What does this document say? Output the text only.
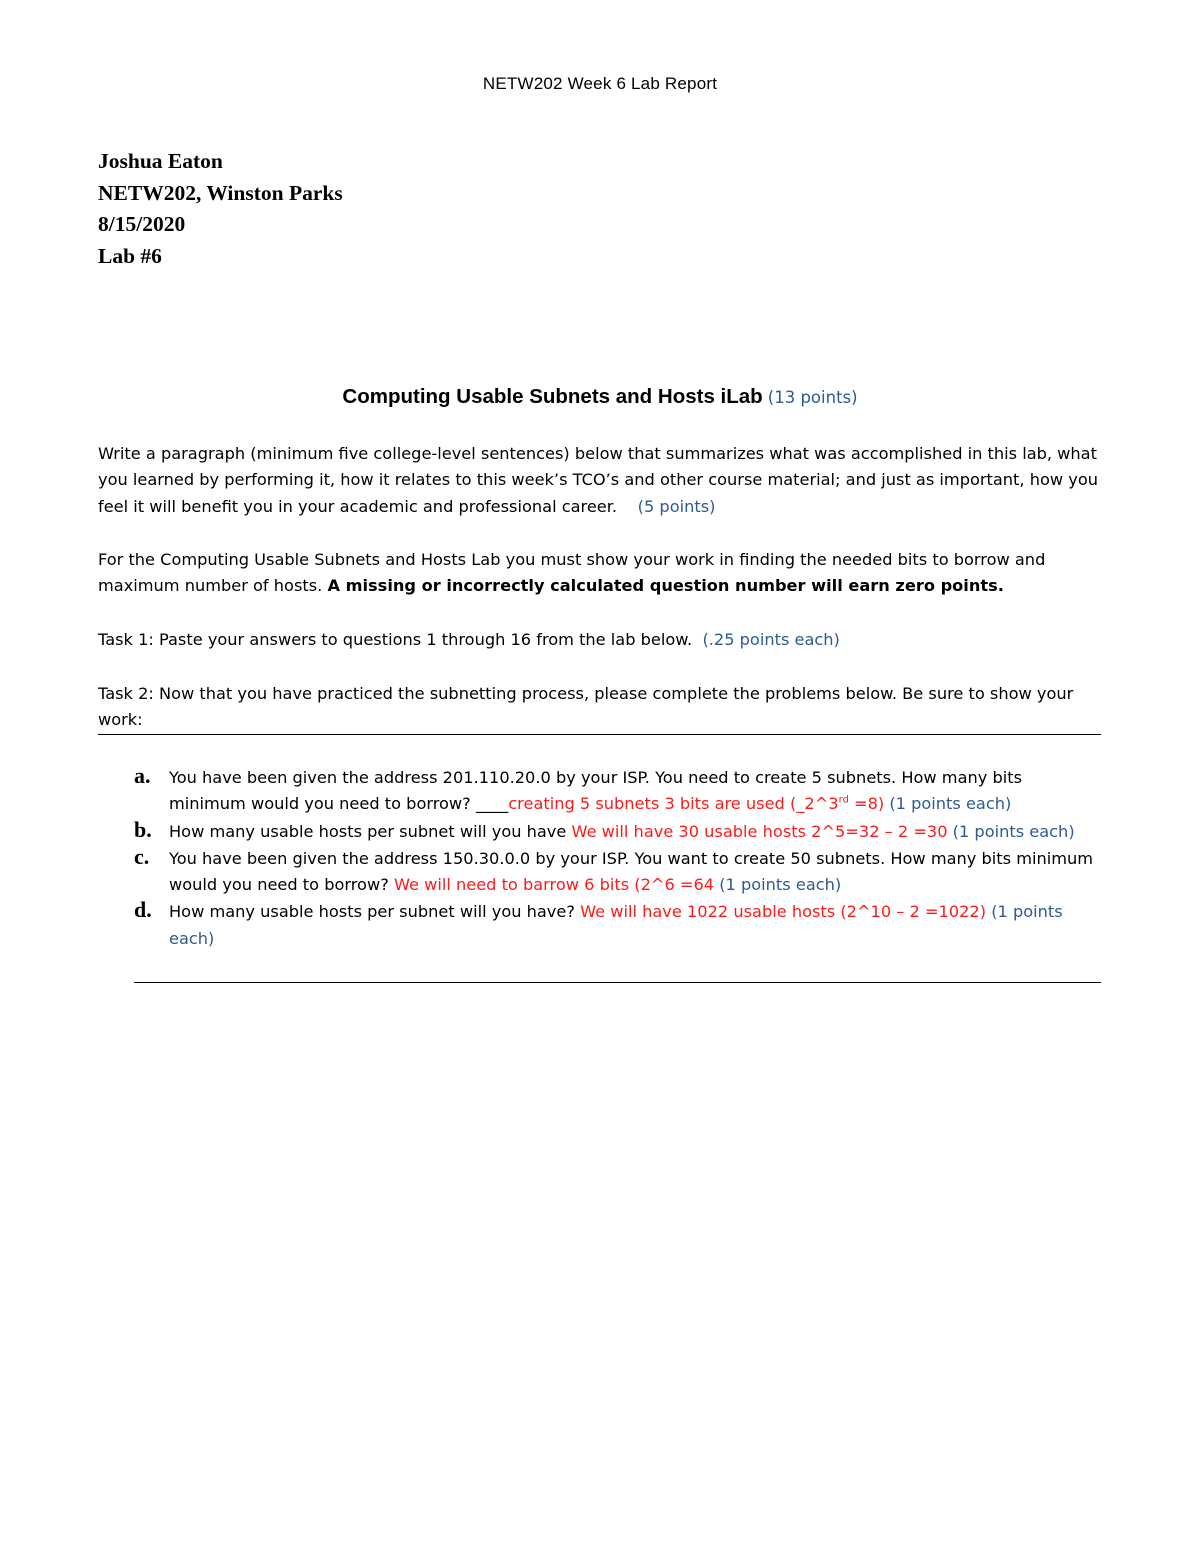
NETW202 Week 6 Lab Report
Joshua Eaton
NETW202, Winston Parks
8/15/2020
Lab #6
Computing Usable Subnets and Hosts iLab (13 points)
Write a paragraph (minimum five college-level sentences) below that summarizes what was accomplished in this lab, what you learned by performing it, how it relates to this week’s TCO’s and other course material; and just as important, how you feel it will benefit you in your academic and professional career. (5 points)
For the Computing Usable Subnets and Hosts Lab you must show your work in finding the needed bits to borrow and maximum number of hosts. A missing or incorrectly calculated question number will earn zero points.
Task 1: Paste your answers to questions 1 through 16 from the lab below. (.25 points each)
Task 2: Now that you have practiced the subnetting process, please complete the problems below. Be sure to show your work:
a. You have been given the address 201.110.20.0 by your ISP. You need to create 5 subnets. How many bits minimum would you need to borrow? ____creating 5 subnets 3 bits are used (_2^3rd =8) (1 points each)
b. How many usable hosts per subnet will you have We will have 30 usable hosts 2^5=32 – 2 =30 (1 points each)
c. You have been given the address 150.30.0.0 by your ISP. You want to create 50 subnets. How many bits minimum would you need to borrow? We will need to barrow 6 bits (2^6 =64 (1 points each)
d. How many usable hosts per subnet will you have? We will have 1022 usable hosts (2^10 – 2 =1022) (1 points each)
